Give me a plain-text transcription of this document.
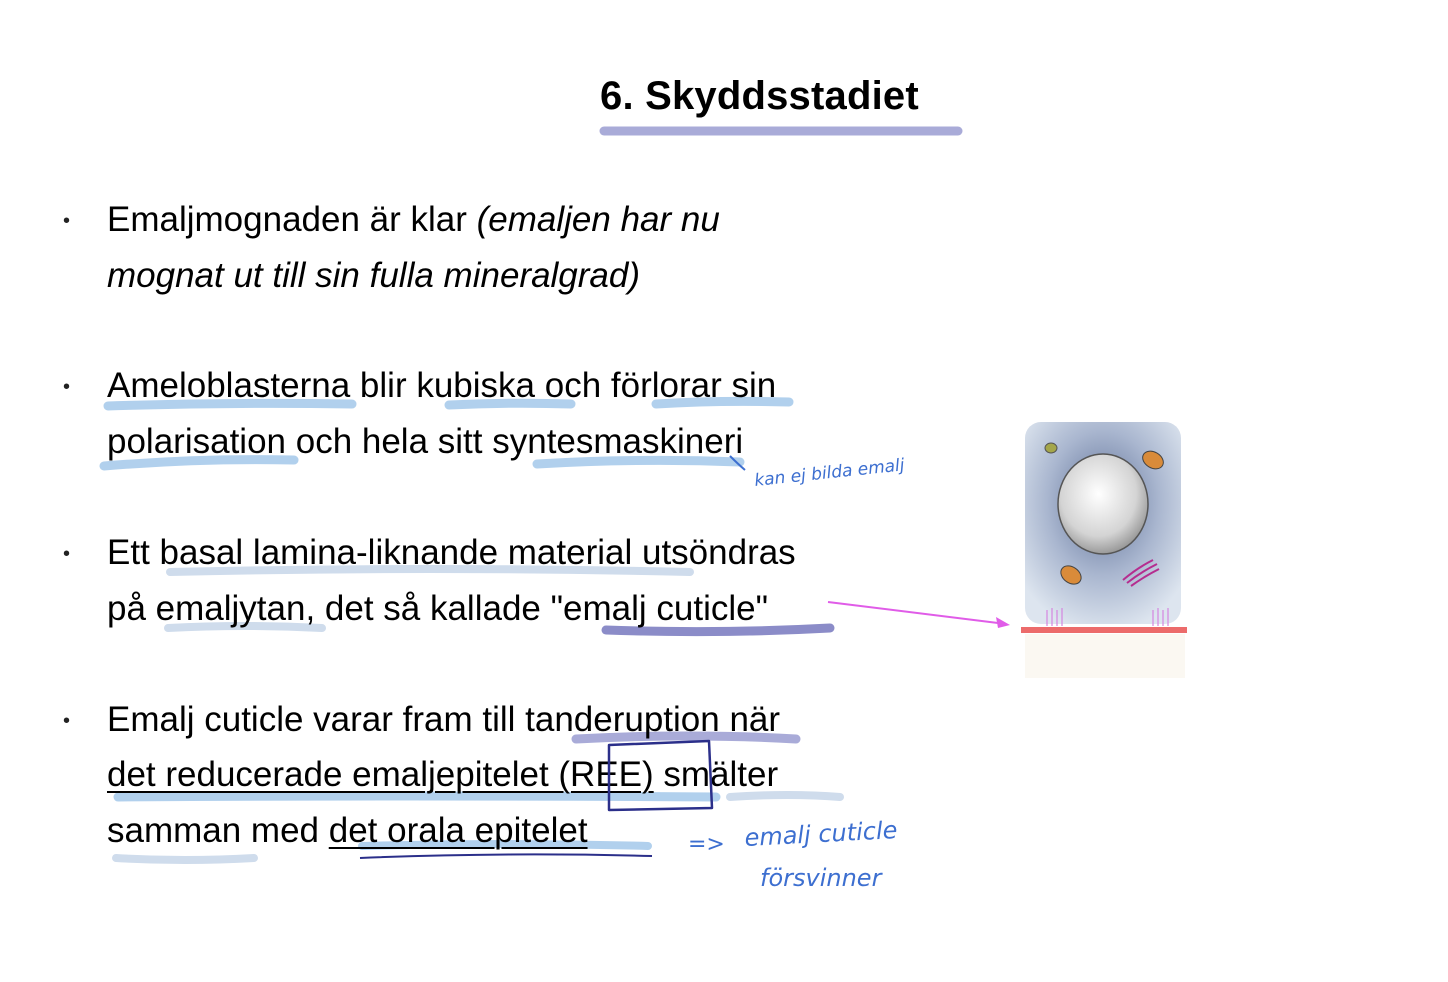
6. Skyddsstadiet
• Emaljmognaden är klar (emaljen har nu
mognat ut till sin fulla mineralgrad)
• Ameloblasterna blir kubiska och förlorar sin
polarisation och hela sitt syntesmaskineri
• Ett basal lamina-liknande material utsöndras
på emaljytan, det så kallade "emalj cuticle"
• Emalj cuticle varar fram till tanderuption när
det reducerade emaljepitelet (REE) smälter
samman med det orala epitelet
kan ej bilda emalj
=> emalj cuticle
försvinner
